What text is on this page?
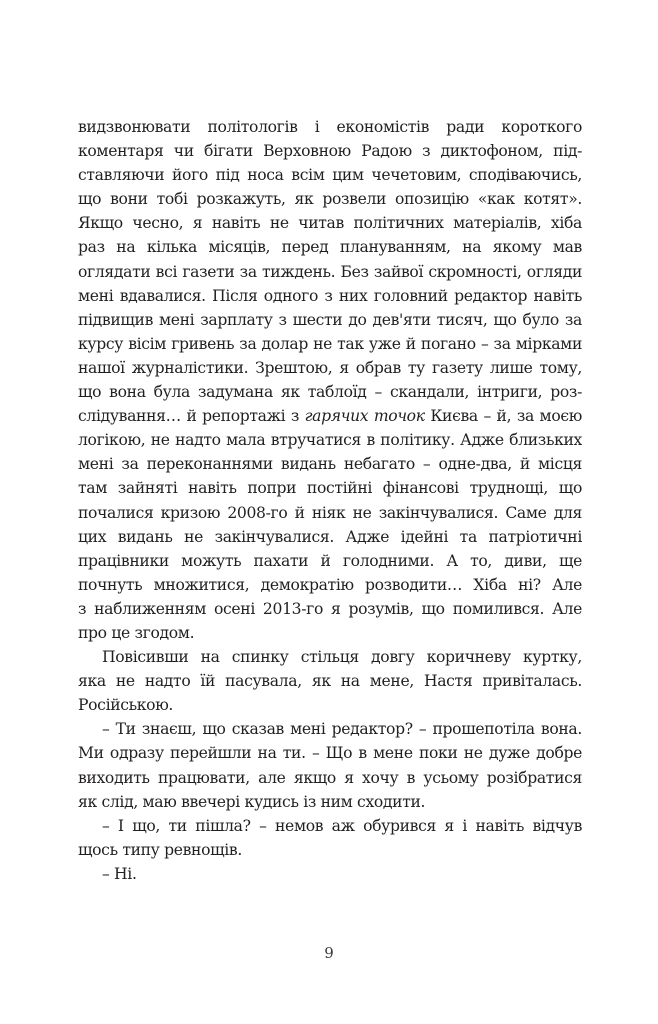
видзвонювати політологів і економістів ради короткого
коментаря чи бігати Верховною Радою з диктофоном, під-
ставляючи його під носа всім цим чечетовим, сподіваючись,
що вони тобі розкажуть, як розвели опозицію «как котят».
Якщо чесно, я навіть не читав політичних матеріалів, хіба
раз на кілька місяців, перед плануванням, на якому мав
оглядати всі газети за тиждень. Без зайвої скромності, огляди
мені вдавалися. Після одного з них головний редактор навіть
підвищив мені зарплату з шести до дев'яти тисяч, що було за
курсу вісім гривень за долар не так уже й погано – за мірками
нашої журналістики. Зрештою, я обрав ту газету лише тому,
що вона була задумана як таблоїд – скандали, інтриги, роз-
слідування… й репортажі з гарячих точок Києва – й, за моєю
логікою, не надто мала втручатися в політику. Адже близьких
мені за переконаннями видань небагато – одне-два, й місця
там зайняті навіть попри постійні фінансові труднощі, що
почалися кризою 2008-го й ніяк не закінчувалися. Саме для
цих видань не закінчувалися. Адже ідейні та патріотичні
працівники можуть пахати й голодними. А то, диви, ще
почнуть множитися, демократію розводити… Хіба ні? Але
з наближенням осені 2013-го я розумів, що помилився. Але
про це згодом.
Повісивши на спинку стільця довгу коричневу куртку,
яка не надто їй пасувала, як на мене, Настя привіталась.
Російською.
– Ти знаєш, що сказав мені редактор? – прошепотіла вона.
Ми одразу перейшли на ти. – Що в мене поки не дуже добре
виходить працювати, але якщо я хочу в усьому розібратися
як слід, маю ввечері кудись із ним сходити.
– І що, ти пішла? – немов аж обурився я і навіть відчув
щось типу ревнощів.
– Ні.
9
